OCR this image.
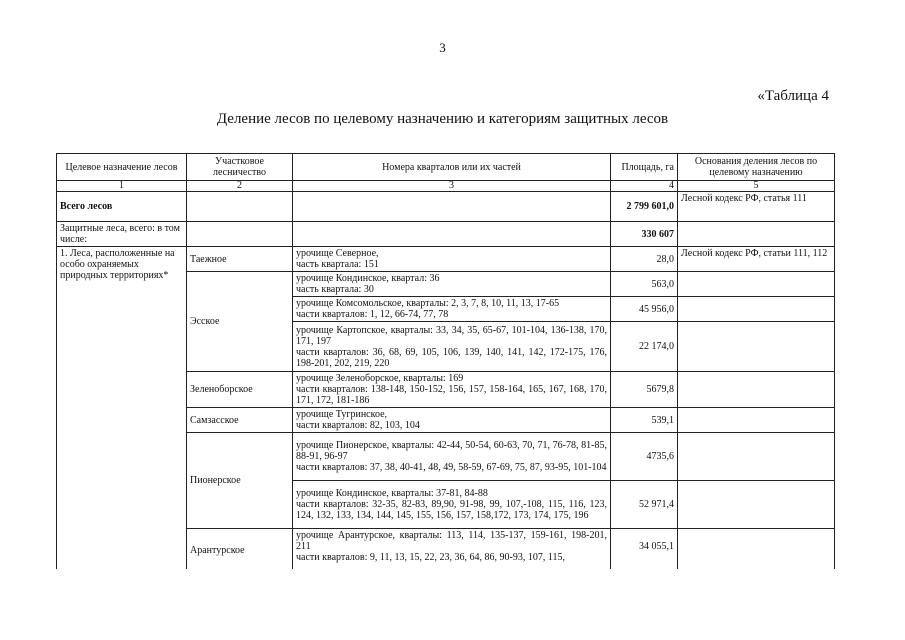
3
«Таблица 4
Деление лесов по целевому назначению и категориям защитных лесов
Целевое назначение лесов	Участковое лесничество	Номера кварталов или их частей	Площадь, га	Основания деления лесов по целевому назначению
1	2	3	4	5
Всего лесов			2 799 601,0	Лесной кодекс РФ, статья 111
Защитные леса, всего: в том числе:			330 607	
1. Леса, расположенные на особо охраняемых природных территориях*	Таежное	урочище Северное,
часть квартала: 151	28,0	Лесной кодекс РФ, статьи 111, 112
	Эсское	урочище Кондинское, квартал: 36
часть квартала: 30	563,0	

		урочище Комсомольское, кварталы: 2, 3, 7, 8, 10, 11, 13, 17-65
части кварталов: 1, 12, 66-74, 77, 78	45 956,0	

		урочище Картопское, кварталы: 33, 34, 35, 65-67, 101-104, 136-138, 170, 171, 197
части кварталов: 36, 68, 69, 105, 106, 139, 140, 141, 142, 172-175, 176, 198-201, 202, 219, 220	22 174,0	
	Зеленоборское	урочище Зеленоборское, кварталы: 169
части кварталов: 138-148, 150-152, 156, 157, 158-164, 165, 167, 168, 170, 171, 172, 181-186	5679,8	
	Самзасское	урочище Тугринское,
части кварталов: 82, 103, 104	539,1	
	Пионерское	урочище Пионерское, кварталы: 42-44, 50-54, 60-63, 70, 71, 76-78, 81-85, 88-91, 96-97
части кварталов: 37, 38, 40-41, 48, 49, 58-59, 67-69, 75, 87, 93-95, 101-104	4735,6	

		урочище Кондинское, кварталы: 37-81, 84-88
части кварталов: 32-35, 82-83, 89,90, 91-98, 99, 107,-108, 115, 116, 123, 124, 132, 133, 134, 144, 145, 155, 156, 157, 158,172, 173, 174, 175, 196	52 971,4	
	Арантурское	урочище Арантурское, кварталы: 113, 114, 135-137, 159-161, 198-201, 211
части кварталов: 9, 11, 13, 15, 22, 23, 36, 64, 86, 90-93, 107, 115,	34 055,1	
